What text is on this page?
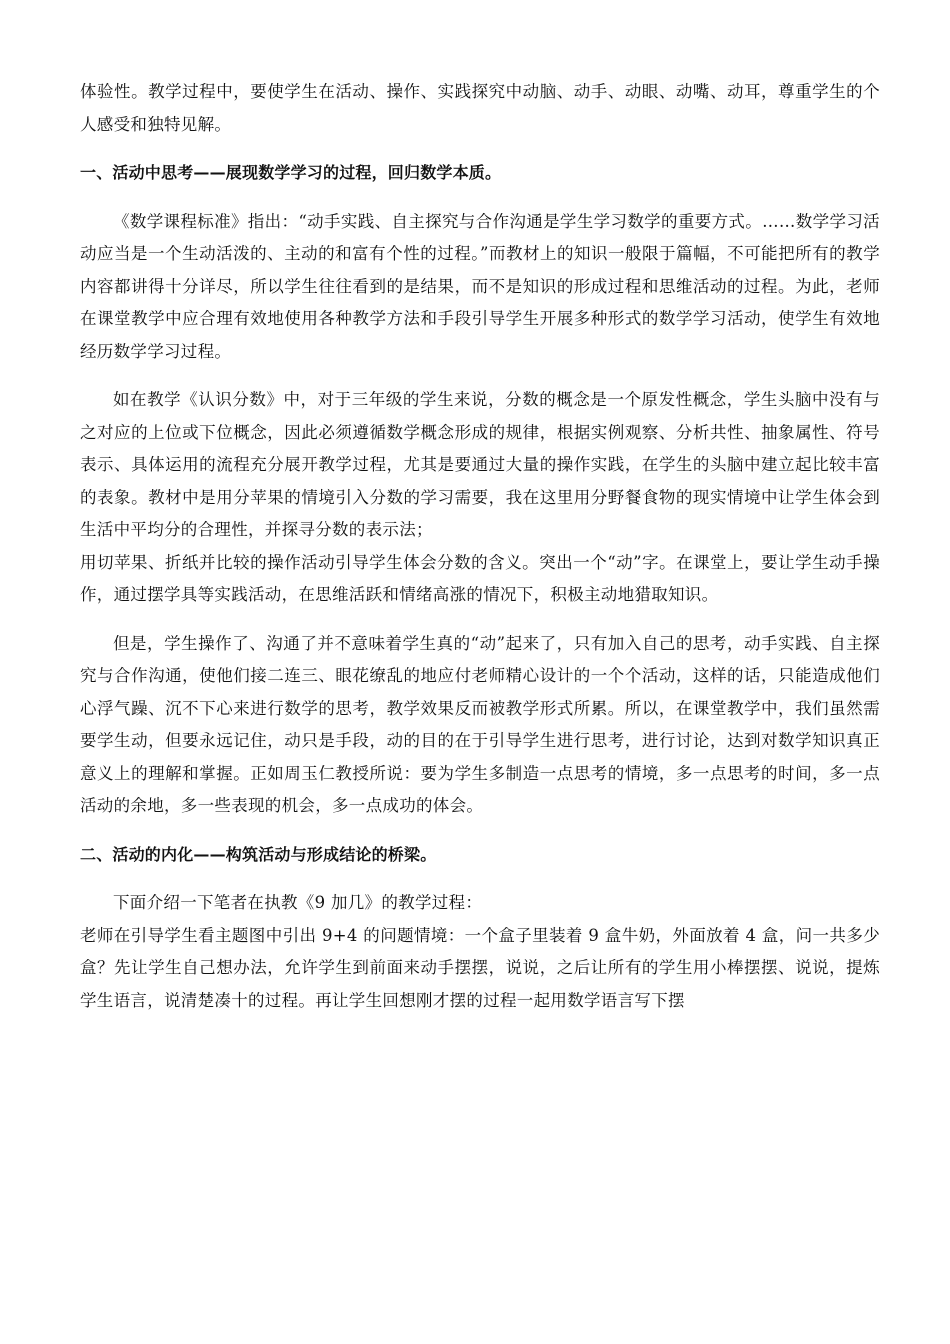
体验性。教学过程中，要使学生在活动、操作、实践探究中动脑、动手、动眼、动嘴、动耳，尊重学生的个人感受和独特见解。

一、活动中思考——展现数学学习的过程，回归数学本质。

《数学课程标准》指出：“动手实践、自主探究与合作沟通是学生学习数学的重要方式。……数学学习活动应当是一个生动活泼的、主动的和富有个性的过程。”而教材上的知识一般限于篇幅，不可能把所有的教学内容都讲得十分详尽，所以学生往往看到的是结果，而不是知识的形成过程和思维活动的过程。为此，老师在课堂教学中应合理有效地使用各种教学方法和手段引导学生开展多种形式的数学学习活动，使学生有效地经历数学学习过程。

如在教学《认识分数》中，对于三年级的学生来说，分数的概念是一个原发性概念，学生头脑中没有与之对应的上位或下位概念，因此必须遵循数学概念形成的规律，根据实例观察、分析共性、抽象属性、符号表示、具体运用的流程充分展开教学过程，尤其是要通过大量的操作实践，在学生的头脑中建立起比较丰富的表象。教材中是用分苹果的情境引入分数的学习需要，我在这里用分野餐食物的现实情境中让学生体会到生活中平均分的合理性，并探寻分数的表示法；

用切苹果、折纸并比较的操作活动引导学生体会分数的含义。突出一个“动”字。在课堂上，要让学生动手操作，通过摆学具等实践活动，在思维活跃和情绪高涨的情况下，积极主动地猎取知识。

但是，学生操作了、沟通了并不意味着学生真的“动”起来了，只有加入自己的思考，动手实践、自主探究与合作沟通，使他们接二连三、眼花缭乱的地应付老师精心设计的一个个活动，这样的话，只能造成他们心浮气躁、沉不下心来进行数学的思考，教学效果反而被教学形式所累。所以，在课堂教学中，我们虽然需要学生动，但要永远记住，动只是手段，动的目的在于引导学生进行思考，进行讨论，达到对数学知识真正意义上的理解和掌握。正如周玉仁教授所说：要为学生多制造一点思考的情境，多一点思考的时间，多一点活动的余地，多一些表现的机会，多一点成功的体会。

二、活动的内化——构筑活动与形成结论的桥梁。

下面介绍一下笔者在执教《9 加几》的教学过程：

老师在引导学生看主题图中引出 9+4 的问题情境：一个盒子里装着 9 盒牛奶，外面放着 4 盒，问一共多少盒？先让学生自己想办法，允许学生到前面来动手摆摆，说说，之后让所有的学生用小棒摆摆、说说，提炼学生语言，说清楚凑十的过程。再让学生回想刚才摆的过程一起用数学语言写下摆
